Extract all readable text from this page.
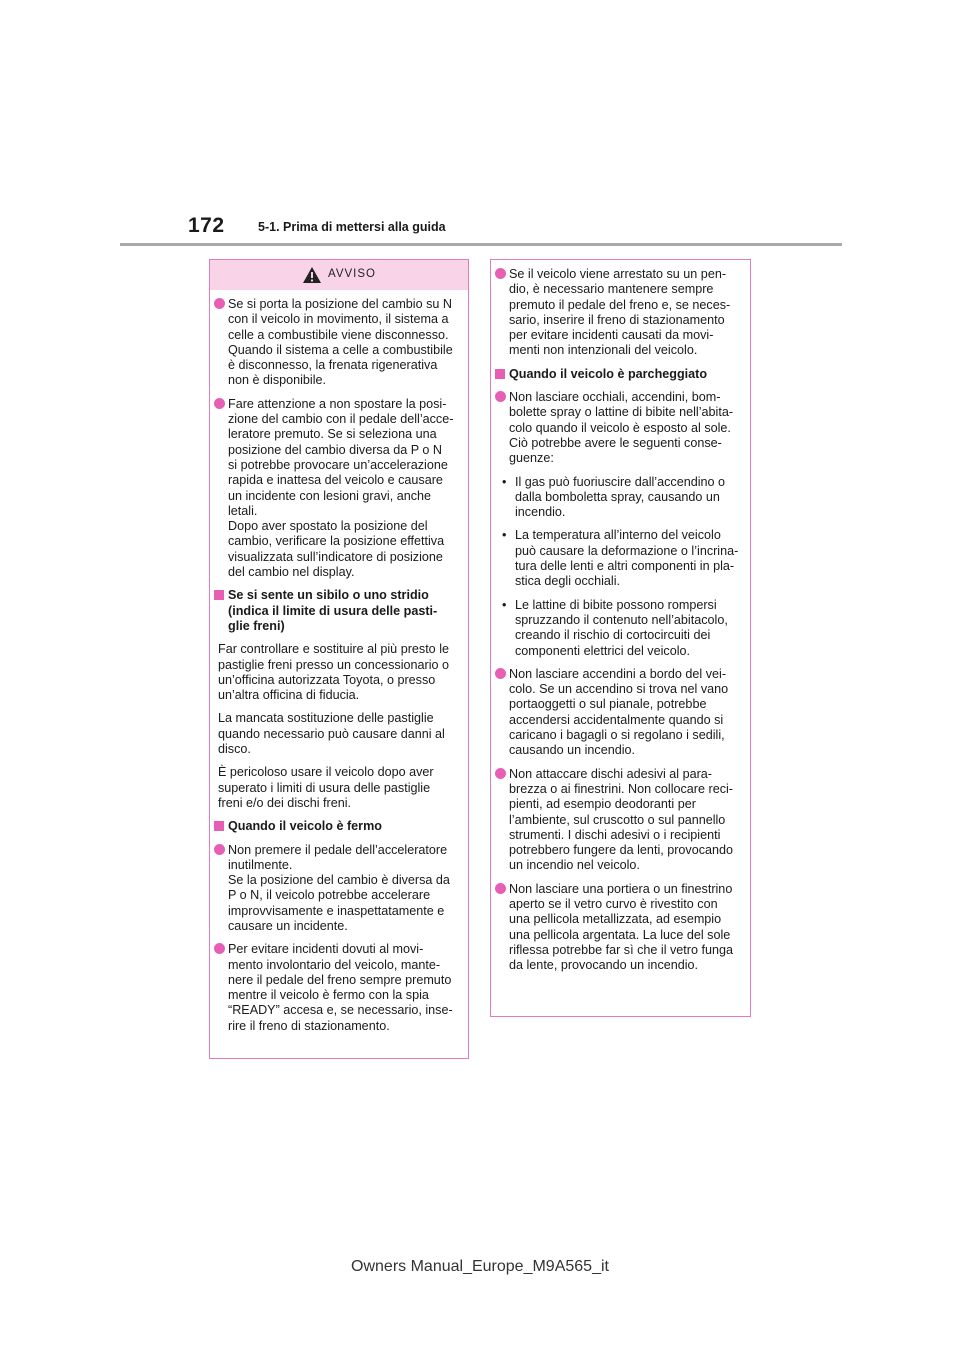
172	5-1. Prima di mettersi alla guida
AVVISO
Se si porta la posizione del cambio su N
con il veicolo in movimento, il sistema a
celle a combustibile viene disconnesso.
Quando il sistema a celle a combustibile
è disconnesso, la frenata rigenerativa
non è disponibile.
Fare attenzione a non spostare la posi-
zione del cambio con il pedale dell’acce-
leratore premuto. Se si seleziona una
posizione del cambio diversa da P o N
si potrebbe provocare un’accelerazione
rapida e inattesa del veicolo e causare
un incidente con lesioni gravi, anche
letali.
Dopo aver spostato la posizione del
cambio, verificare la posizione effettiva
visualizzata sull’indicatore di posizione
del cambio nel display.
Se si sente un sibilo o uno stridio
(indica il limite di usura delle pasti-
glie freni)
Far controllare e sostituire al più presto le
pastiglie freni presso un concessionario o
un’officina autorizzata Toyota, o presso
un’altra officina di fiducia.
La mancata sostituzione delle pastiglie
quando necessario può causare danni al
disco.
È pericoloso usare il veicolo dopo aver
superato i limiti di usura delle pastiglie
freni e/o dei dischi freni.
Quando il veicolo è fermo
Non premere il pedale dell’acceleratore
inutilmente.
Se la posizione del cambio è diversa da
P o N, il veicolo potrebbe accelerare
improvvisamente e inaspettatamente e
causare un incidente.
Per evitare incidenti dovuti al movi-
mento involontario del veicolo, mante-
nere il pedale del freno sempre premuto
mentre il veicolo è fermo con la spia
“READY” accesa e, se necessario, inse-
rire il freno di stazionamento.
Se il veicolo viene arrestato su un pen-
dio, è necessario mantenere sempre
premuto il pedale del freno e, se neces-
sario, inserire il freno di stazionamento
per evitare incidenti causati da movi-
menti non intenzionali del veicolo.
Quando il veicolo è parcheggiato
Non lasciare occhiali, accendini, bom-
bolette spray o lattine di bibite nell’abita-
colo quando il veicolo è esposto al sole.
Ciò potrebbe avere le seguenti conse-
guenze:
• Il gas può fuoriuscire dall’accendino o
dalla bomboletta spray, causando un
incendio.
• La temperatura all’interno del veicolo
può causare la deformazione o l’incrina-
tura delle lenti e altri componenti in pla-
stica degli occhiali.
• Le lattine di bibite possono rompersi
spruzzando il contenuto nell’abitacolo,
creando il rischio di cortocircuiti dei
componenti elettrici del veicolo.
Non lasciare accendini a bordo del vei-
colo. Se un accendino si trova nel vano
portaoggetti o sul pianale, potrebbe
accendersi accidentalmente quando si
caricano i bagagli o si regolano i sedili,
causando un incendio.
Non attaccare dischi adesivi al para-
brezza o ai finestrini. Non collocare reci-
pienti, ad esempio deodoranti per
l’ambiente, sul cruscotto o sul pannello
strumenti. I dischi adesivi o i recipienti
potrebbero fungere da lenti, provocando
un incendio nel veicolo.
Non lasciare una portiera o un finestrino
aperto se il vetro curvo è rivestito con
una pellicola metallizzata, ad esempio
una pellicola argentata. La luce del sole
riflessa potrebbe far sì che il vetro funga
da lente, provocando un incendio.
Owners Manual_Europe_M9A565_it
